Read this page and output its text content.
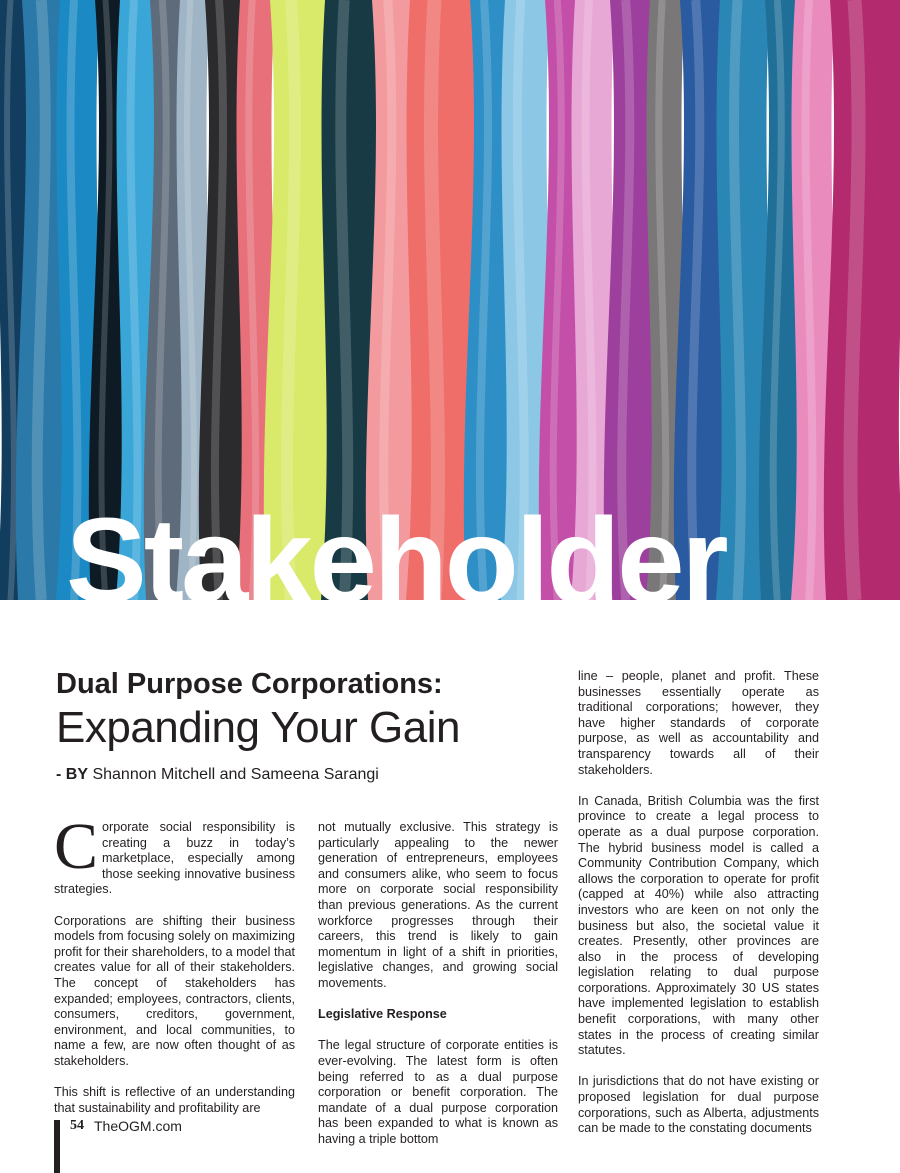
Stakeholder
Dual Purpose Corporations:
Expanding Your Gain
- BY Shannon Mitchell and Sameena Sarangi

Corporate social responsibility is creating a buzz in today’s marketplace, especially among those seeking innovative business strategies.

Corporations are shifting their business models from focusing solely on maximizing profit for their shareholders, to a model that creates value for all of their stakeholders. The concept of stakeholders has expanded; employees, contractors, clients, consumers, creditors, government, environment, and local communities, to name a few, are now often thought of as stakeholders.

This shift is reflective of an understanding that sustainability and profitability are

not mutually exclusive. This strategy is particularly appealing to the newer generation of entrepreneurs, employees and consumers alike, who seem to focus more on corporate social responsibility than previous generations. As the current workforce progresses through their careers, this trend is likely to gain momentum in light of a shift in priorities, legislative changes, and growing social movements.

Legislative Response

The legal structure of corporate entities is ever-evolving. The latest form is often being referred to as a dual purpose corporation or benefit corporation. The mandate of a dual purpose corporation has been expanded to what is known as having a triple bottom

line – people, planet and profit. These businesses essentially operate as traditional corporations; however, they have higher standards of corporate purpose, as well as accountability and transparency towards all of their stakeholders.

In Canada, British Columbia was the first province to create a legal process to operate as a dual purpose corporation. The hybrid business model is called a Community Contribution Company, which allows the corporation to operate for profit (capped at 40%) while also attracting investors who are keen on not only the business but also, the societal value it creates. Presently, other provinces are also in the process of developing legislation relating to dual purpose corporations. Approximately 30 US states have implemented legislation to establish benefit corporations, with many other states in the process of creating similar statutes.

In jurisdictions that do not have existing or proposed legislation for dual purpose corporations, such as Alberta, adjustments can be made to the constating documents

54 TheOGM.com
